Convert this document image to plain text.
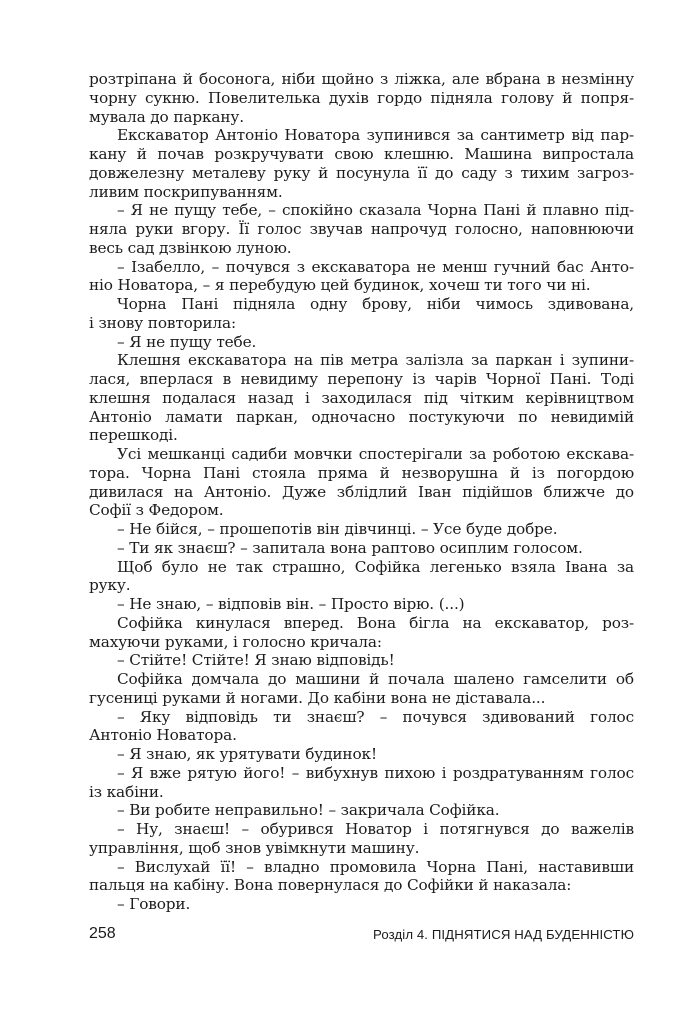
розтріпана й босонога, ніби щойно з ліжка, але вбрана в незмінну
чорну сукню. Повелителька духів гордо підняла голову й попря-
мувала до паркану.
Екскаватор Антоніо Новатора зупинився за сантиметр від пар-
кану й почав розкручувати свою клешню. Машина випростала
довжелезну металеву руку й посунула її до саду з тихим загроз-
ливим поскрипуванням.
– Я не пущу тебе, – спокійно сказала Чорна Пані й плавно під-
няла руки вгору. Її голос звучав напрочуд голосно, наповнюючи
весь сад дзвінкою луною.
– Ізабелло, – почувся з екскаватора не менш гучний бас Анто-
ніо Новатора, – я перебудую цей будинок, хочеш ти того чи ні.
Чорна Пані підняла одну брову, ніби чимось здивована,
і знову повторила:
– Я не пущу тебе.
Клешня екскаватора на пів метра залізла за паркан і зупини-
лася, вперлася в невидиму перепону із чарів Чорної Пані. Тоді
клешня подалася назад і заходилася під чітким керівництвом
Антоніо ламати паркан, одночасно постукуючи по невидимій
перешкоді.
Усі мешканці садиби мовчки спостерігали за роботою екскава-
тора. Чорна Пані стояла пряма й незворушна й із погордою
дивилася на Антоніо. Дуже зблідлий Іван підійшов ближче до
Софії з Федором.
– Не бійся, – прошепотів він дівчинці. – Усе буде добре.
– Ти як знаєш? – запитала вона раптово осиплим голосом.
Щоб було не так страшно, Софійка легенько взяла Івана за
руку.
– Не знаю, – відповів він. – Просто вірю. (...)
Софійка кинулася вперед. Вона бігла на екскаватор, роз-
махуючи руками, і голосно кричала:
– Стійте! Стійте! Я знаю відповідь!
Софійка домчала до машини й почала шалено гамселити об
гусениці руками й ногами. До кабіни вона не діставала...
– Яку відповідь ти знаєш? – почувся здивований голос
Антоніо Новатора.
– Я знаю, як урятувати будинок!
– Я вже рятую його! – вибухнув пихою і роздратуванням голос
із кабіни.
– Ви робите неправильно! – закричала Софійка.
– Ну, знаєш! – обурився Новатор і потягнувся до важелів
управління, щоб знов увімкнути машину.
– Вислухай її! – владно промовила Чорна Пані, наставивши
пальця на кабіну. Вона повернулася до Софійки й наказала:
– Говори.
258	Розділ 4. ПІДНЯТИСЯ НАД БУДЕННІСТЮ
